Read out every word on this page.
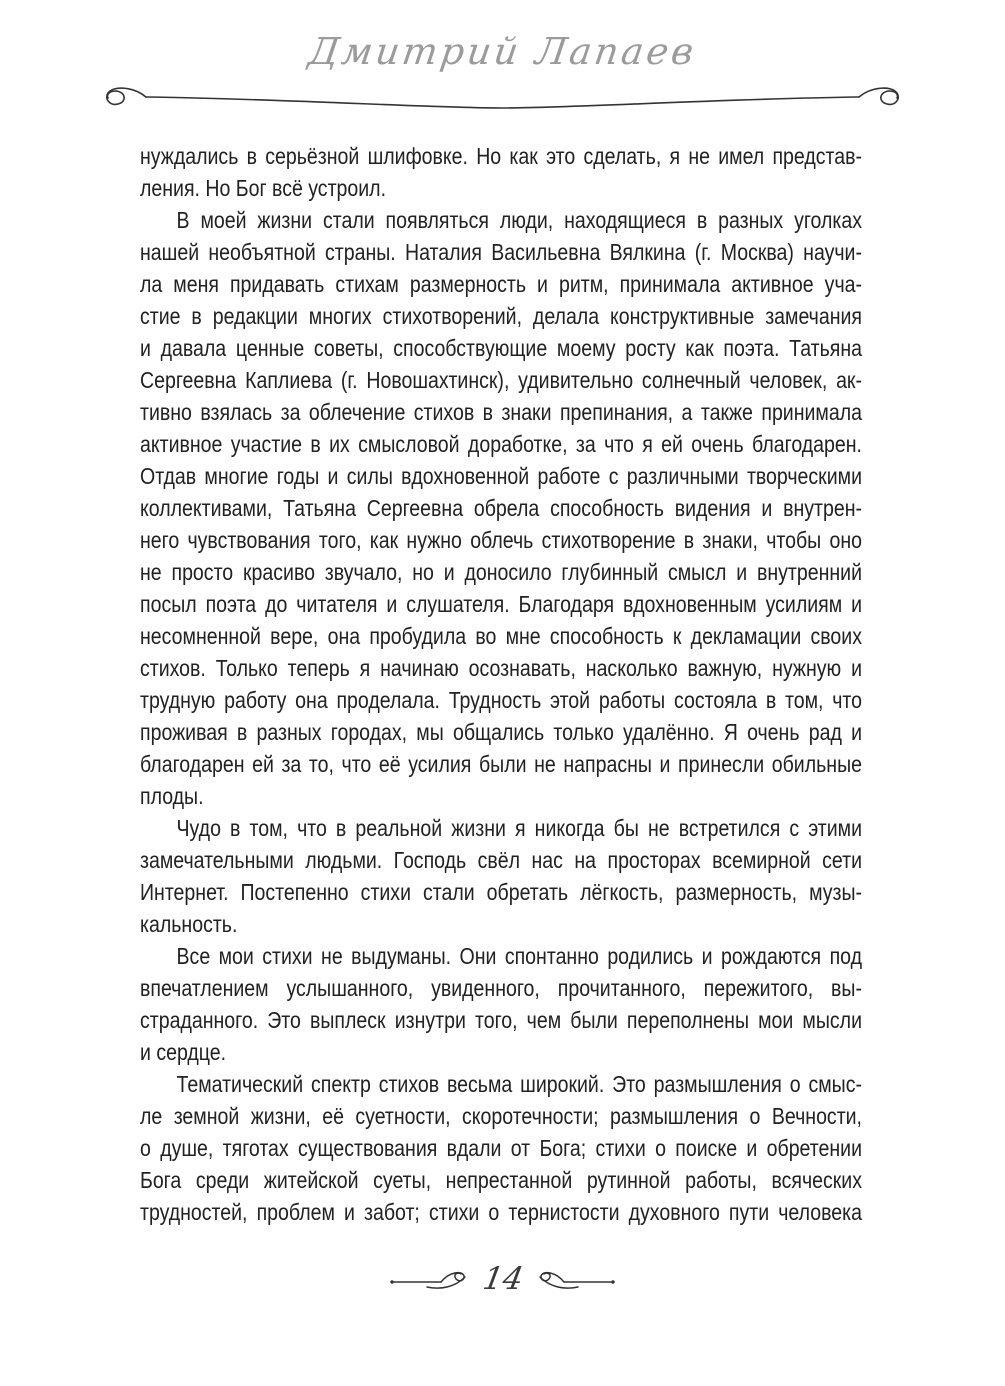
Дмитрий Лапаев
нуждались в серьёзной шлифовке. Но как это сделать, я не имел представ-
ления. Но Бог всё устроил.
В моей жизни стали появляться люди, находящиеся в разных уголках
нашей необъятной страны. Наталия Васильевна Вялкина (г. Москва) научи-
ла меня придавать стихам размерность и ритм, принимала активное уча-
стие в редакции многих стихотворений, делала конструктивные замечания
и давала ценные советы, способствующие моему росту как поэта. Татьяна
Сергеевна Каплиева (г. Новошахтинск), удивительно солнечный человек, ак-
тивно взялась за облечение стихов в знаки препинания, а также принимала
активное участие в их смысловой доработке, за что я ей очень благодарен.
Отдав многие годы и силы вдохновенной работе с различными творческими
коллективами, Татьяна Сергеевна обрела способность видения и внутрен-
него чувствования того, как нужно облечь стихотворение в знаки, чтобы оно
не просто красиво звучало, но и доносило глубинный смысл и внутренний
посыл поэта до читателя и слушателя. Благодаря вдохновенным усилиям и
несомненной вере, она пробудила во мне способность к декламации своих
стихов. Только теперь я начинаю осознавать, насколько важную, нужную и
трудную работу она проделала. Трудность этой работы состояла в том, что
проживая в разных городах, мы общались только удалённо. Я очень рад и
благодарен ей за то, что её усилия были не напрасны и принесли обильные
плоды.
Чудо в том, что в реальной жизни я никогда бы не встретился с этими
замечательными людьми. Господь свёл нас на просторах всемирной сети
Интернет. Постепенно стихи стали обретать лёгкость, размерность, музы-
кальность.
Все мои стихи не выдуманы. Они спонтанно родились и рождаются под
впечатлением услышанного, увиденного, прочитанного, пережитого, вы-
страданного. Это выплеск изнутри того, чем были переполнены мои мысли
и сердце.
Тематический спектр стихов весьма широкий. Это размышления о смыс-
ле земной жизни, её суетности, скоротечности; размышления о Вечности,
о душе, тяготах существования вдали от Бога; стихи о поиске и обретении
Бога среди житейской суеты, непрестанной рутинной работы, всяческих
трудностей, проблем и забот; стихи о тернистости духовного пути человека
14
